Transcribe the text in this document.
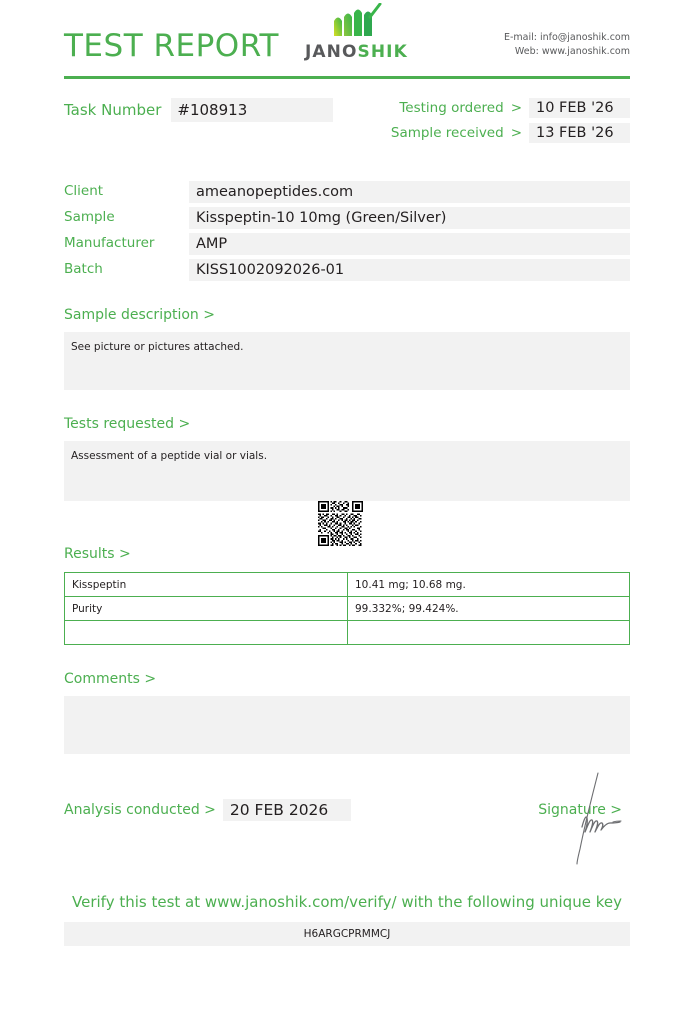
TEST REPORT JANOSHIK
E-mail: info@janoshik.com
Web: www.janoshik.com
Task Number	#108913	Testing ordered > 10 FEB '26
Sample received > 13 FEB '26
Client	ameanopeptides.com
Sample	Kisspeptin-10 10mg (Green/Silver)
Manufacturer	AMP
Batch	KISS1002092026-01
Sample description >
See picture or pictures attached.
Tests requested >
Assessment of a peptide vial or vials.
Results >
Kisspeptin	10.41 mg; 10.68 mg.
Purity	99.332%; 99.424%.

Comments >
Analysis conducted > 20 FEB 2026	Signature >
Verify this test at www.janoshik.com/verify/ with the following unique key
H6ARGCPRMMCJ
